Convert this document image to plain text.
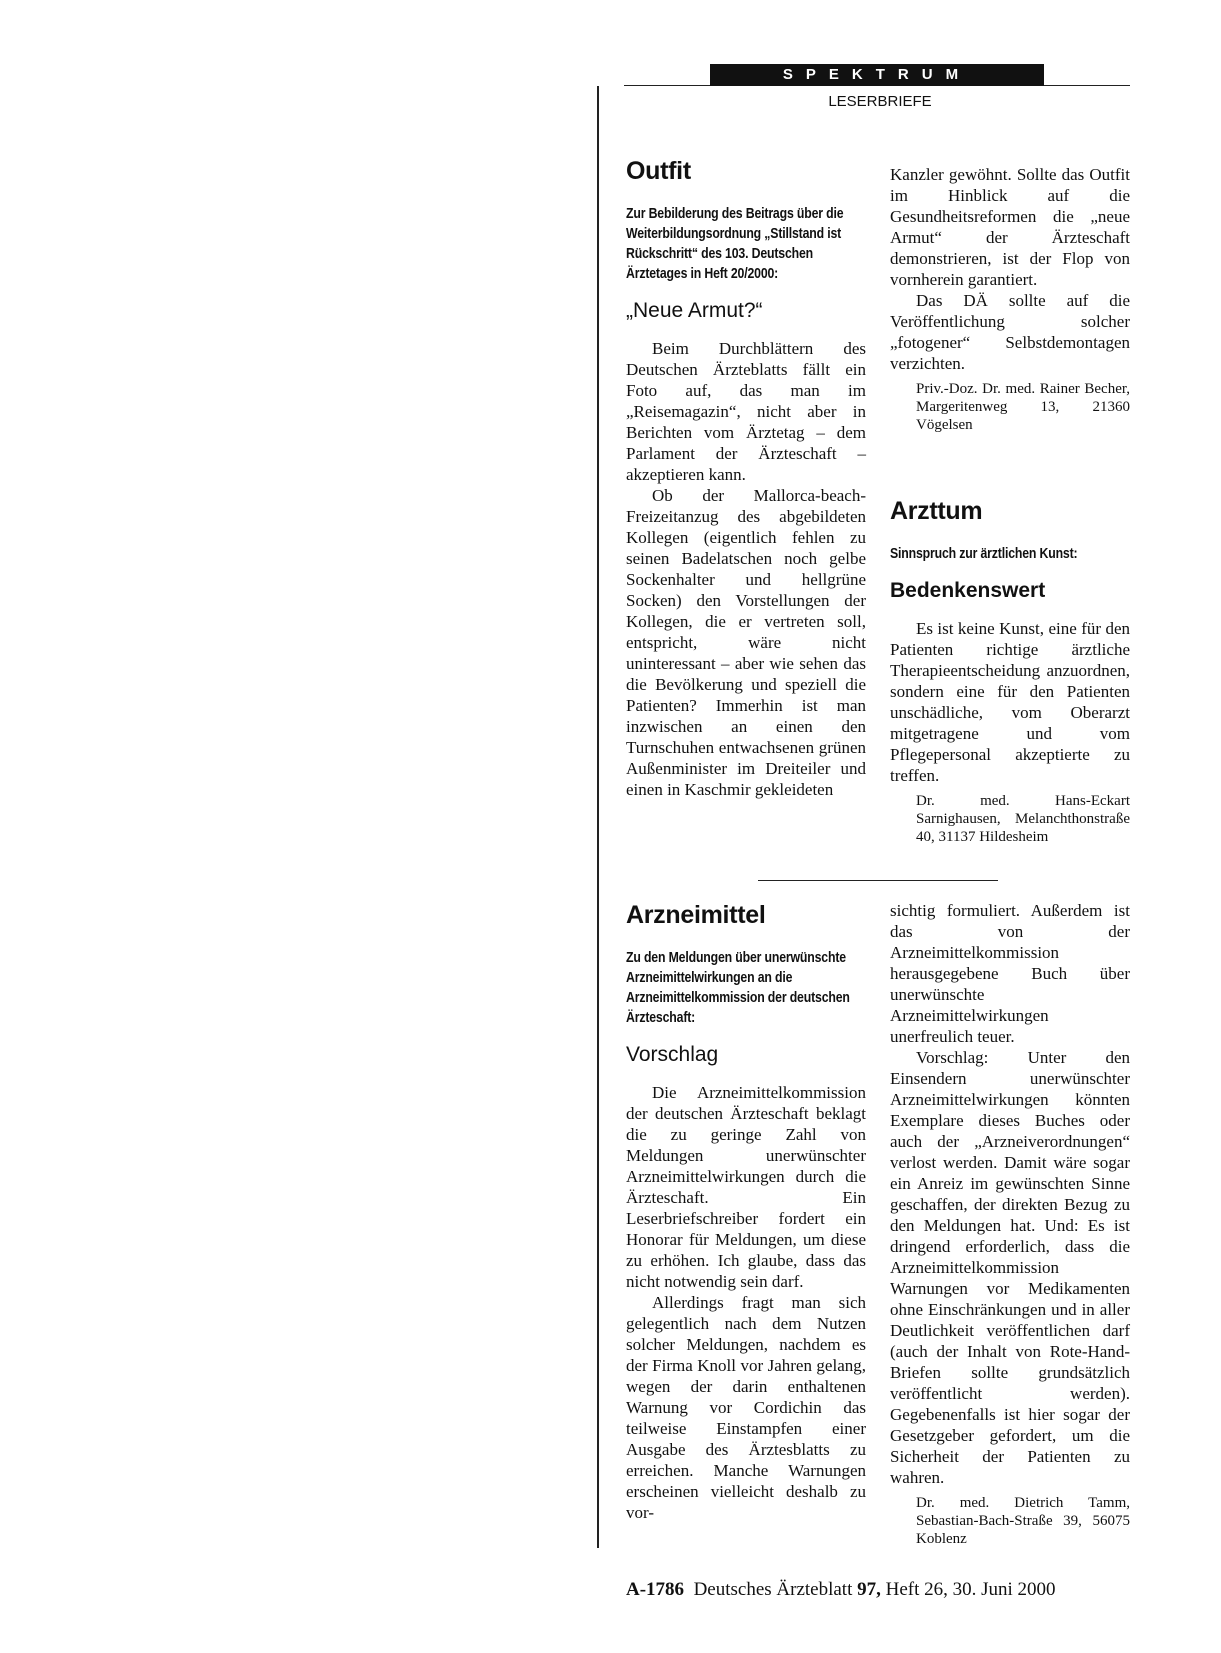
SPEKTRUM
LESERBRIEFE
Outfit
Zur Bebilderung des Beitrags über die Weiterbildungsordnung „Stillstand ist Rückschritt“ des 103. Deutschen Ärztetages in Heft 20/2000:
„Neue Armut?“

Beim Durchblättern des Deutschen Ärzteblatts fällt ein Foto auf, das man im „Reisemagazin“, nicht aber in Berichten vom Ärztetag – dem Parlament der Ärzteschaft – akzeptieren kann.

Ob der Mallorca-beach-Freizeitanzug des abgebildeten Kollegen (eigentlich fehlen zu seinen Badelatschen noch gelbe Sockenhalter und hellgrüne Socken) den Vorstellungen der Kollegen, die er vertreten soll, entspricht, wäre nicht uninteressant – aber wie sehen das die Bevölkerung und speziell die Patienten? Immerhin ist man inzwischen an einen den Turnschuhen entwachsenen grünen Außenminister im Dreiteiler und einen in Kaschmir gekleideten

Kanzler gewöhnt. Sollte das Outfit im Hinblick auf die Gesundheitsreformen die „neue Armut“ der Ärzteschaft demonstrieren, ist der Flop von vornherein garantiert.

Das DÄ sollte auf die Veröffentlichung solcher „fotogener“ Selbstdemontagen verzichten.

Priv.-Doz. Dr. med. Rainer Becher, Margeritenweg 13, 21360 Vögelsen
Arzttum
Sinnspruch zur ärztlichen Kunst:
Bedenkenswert

Es ist keine Kunst, eine für den Patienten richtige ärztliche Therapieentscheidung anzuordnen, sondern eine für den Patienten unschädliche, vom Oberarzt mitgetragene und vom Pflegepersonal akzeptierte zu treffen.

Dr. med. Hans-Eckart Sarnighausen, Melanchthonstraße 40, 31137 Hildesheim
Arzneimittel
Zu den Meldungen über unerwünschte Arzneimittelwirkungen an die Arzneimittelkommission der deutschen Ärzteschaft:
Vorschlag

Die Arzneimittelkommission der deutschen Ärzteschaft beklagt die zu geringe Zahl von Meldungen unerwünschter Arzneimittelwirkungen durch die Ärzteschaft. Ein Leserbriefschreiber fordert ein Honorar für Meldungen, um diese zu erhöhen. Ich glaube, dass das nicht notwendig sein darf.

Allerdings fragt man sich gelegentlich nach dem Nutzen solcher Meldungen, nachdem es der Firma Knoll vor Jahren gelang, wegen der darin enthaltenen Warnung vor Cordichin das teilweise Einstampfen einer Ausgabe des Ärztesblatts zu erreichen. Manche Warnungen erscheinen vielleicht deshalb zu vor-

sichtig formuliert. Außerdem ist das von der Arzneimittelkommission herausgegebene Buch über unerwünschte Arzneimittelwirkungen unerfreulich teuer.

Vorschlag: Unter den Einsendern unerwünschter Arzneimittelwirkungen könnten Exemplare dieses Buches oder auch der „Arzneiverordnungen“ verlost werden. Damit wäre sogar ein Anreiz im gewünschten Sinne geschaffen, der direkten Bezug zu den Meldungen hat. Und: Es ist dringend erforderlich, dass die Arzneimittelkommission Warnungen vor Medikamenten ohne Einschränkungen und in aller Deutlichkeit veröffentlichen darf (auch der Inhalt von Rote-Hand-Briefen sollte grundsätzlich veröffentlicht werden). Gegebenenfalls ist hier sogar der Gesetzgeber gefordert, um die Sicherheit der Patienten zu wahren.

Dr. med. Dietrich Tamm, Sebastian-Bach-Straße 39, 56075 Koblenz
A-1786 Deutsches Ärzteblatt 97, Heft 26, 30. Juni 2000
